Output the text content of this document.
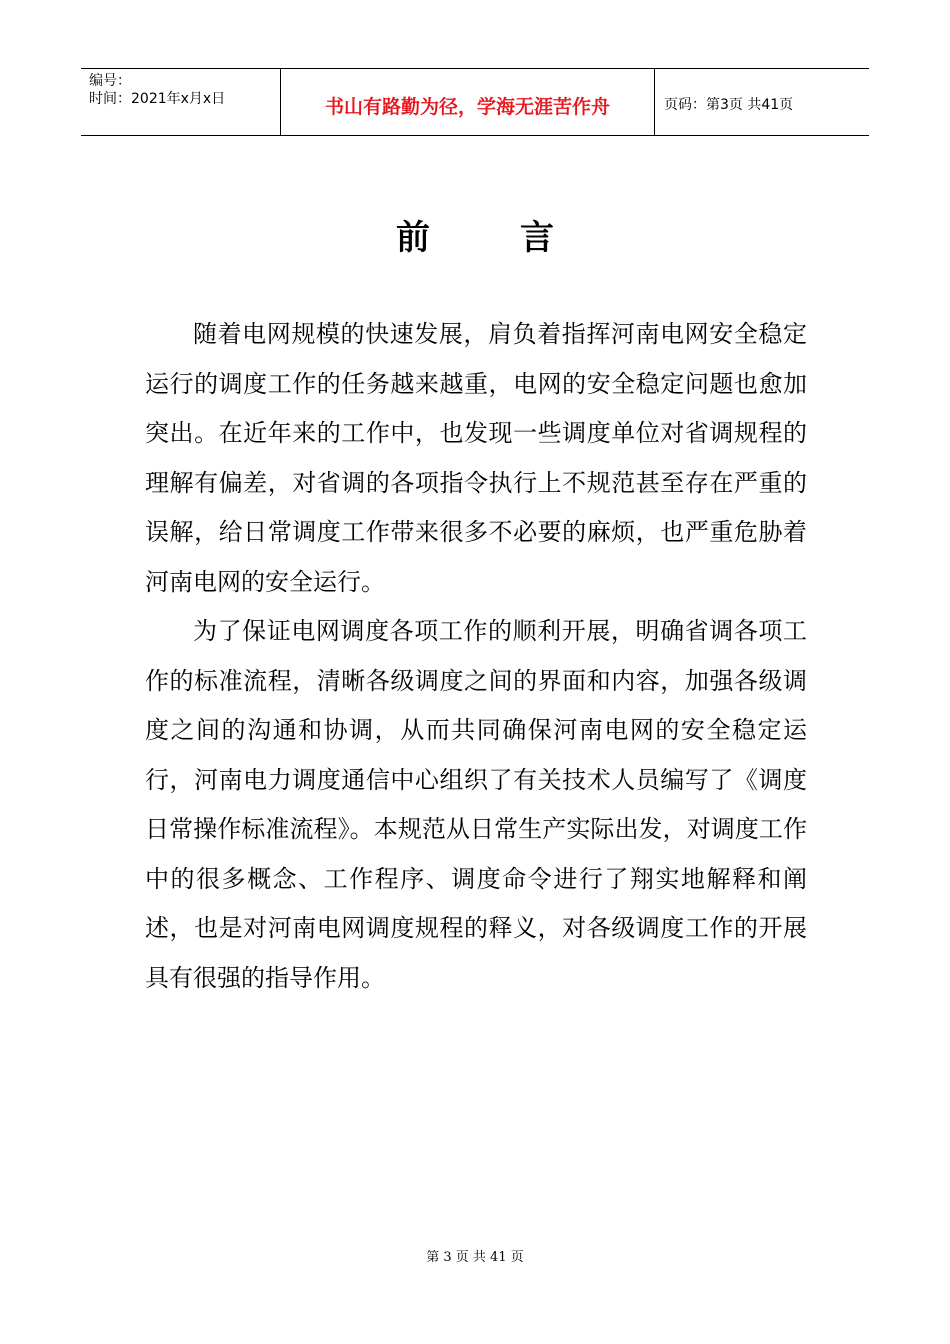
编号：
时间：2021年x月x日	书山有路勤为径，学海无涯苦作舟	页码：第3页 共41页
前	言

随着电网规模的快速发展，肩负着指挥河南电网安全稳定运行的调度工作的任务越来越重，电网的安全稳定问题也愈加突出。在近年来的工作中，也发现一些调度单位对省调规程的理解有偏差，对省调的各项指令执行上不规范甚至存在严重的误解，给日常调度工作带来很多不必要的麻烦，也严重危胁着河南电网的安全运行。

为了保证电网调度各项工作的顺利开展，明确省调各项工作的标准流程，清晰各级调度之间的界面和内容，加强各级调度之间的沟通和协调，从而共同确保河南电网的安全稳定运行，河南电力调度通信中心组织了有关技术人员编写了《调度日常操作标准流程》。本规范从日常生产实际出发，对调度工作中的很多概念、工作程序、调度命令进行了翔实地解释和阐述，也是对河南电网调度规程的释义，对各级调度工作的开展具有很强的指导作用。

第 3 页 共 41 页
